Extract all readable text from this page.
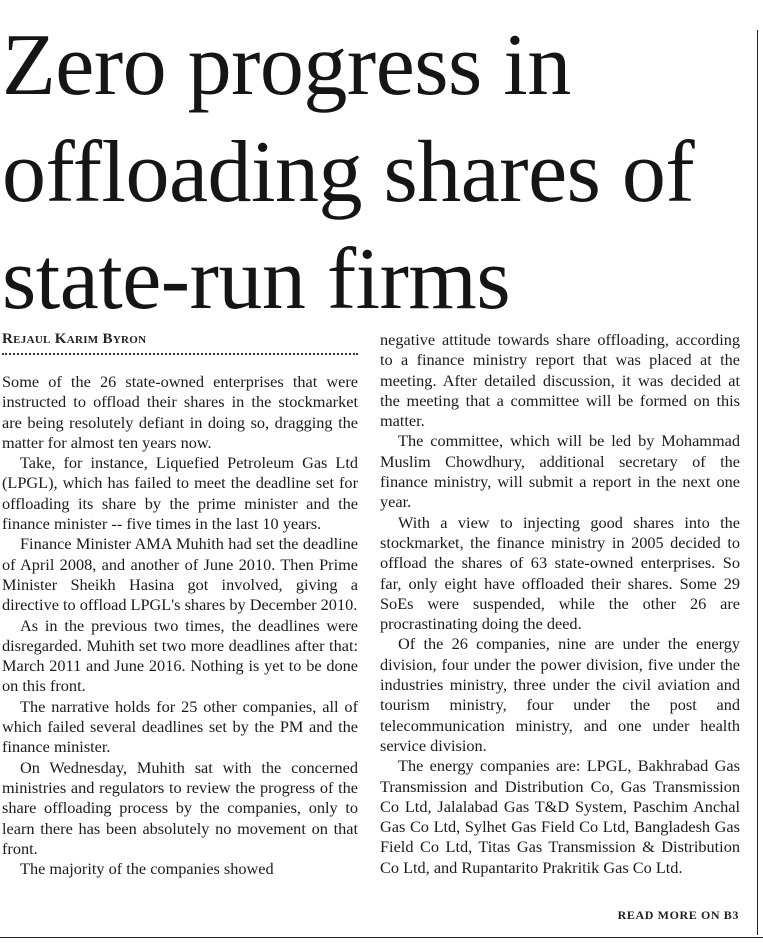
Zero progress in offloading shares of state-run firms
Rejaul Karim Byron

Some of the 26 state-owned enterprises that were instructed to offload their shares in the stockmarket are being resolutely defiant in doing so, dragging the matter for almost ten years now.

Take, for instance, Liquefied Petroleum Gas Ltd (LPGL), which has failed to meet the deadline set for offloading its share by the prime minister and the finance minister -- five times in the last 10 years.

Finance Minister AMA Muhith had set the deadline of April 2008, and another of June 2010. Then Prime Minister Sheikh Hasina got involved, giving a directive to offload LPGL's shares by December 2010.

As in the previous two times, the deadlines were disregarded. Muhith set two more deadlines after that: March 2011 and June 2016. Nothing is yet to be done on this front.

The narrative holds for 25 other companies, all of which failed several deadlines set by the PM and the finance minister.

On Wednesday, Muhith sat with the concerned ministries and regulators to review the progress of the share offloading process by the companies, only to learn there has been absolutely no movement on that front.

The majority of the companies showed

negative attitude towards share offloading, according to a finance ministry report that was placed at the meeting. After detailed discussion, it was decided at the meeting that a committee will be formed on this matter.

The committee, which will be led by Mohammad Muslim Chowdhury, additional secretary of the finance ministry, will submit a report in the next one year.

With a view to injecting good shares into the stockmarket, the finance ministry in 2005 decided to offload the shares of 63 state-owned enterprises. So far, only eight have offloaded their shares. Some 29 SoEs were suspended, while the other 26 are procrastinating doing the deed.

Of the 26 companies, nine are under the energy division, four under the power division, five under the industries ministry, three under the civil aviation and tourism ministry, four under the post and telecommunication ministry, and one under health service division.

The energy companies are: LPGL, Bakhrabad Gas Transmission and Distribution Co, Gas Transmission Co Ltd, Jalalabad Gas T&D System, Paschim Anchal Gas Co Ltd, Sylhet Gas Field Co Ltd, Bangladesh Gas Field Co Ltd, Titas Gas Transmission & Distribution Co Ltd, and Rupantarito Prakritik Gas Co Ltd.

READ MORE ON B3
